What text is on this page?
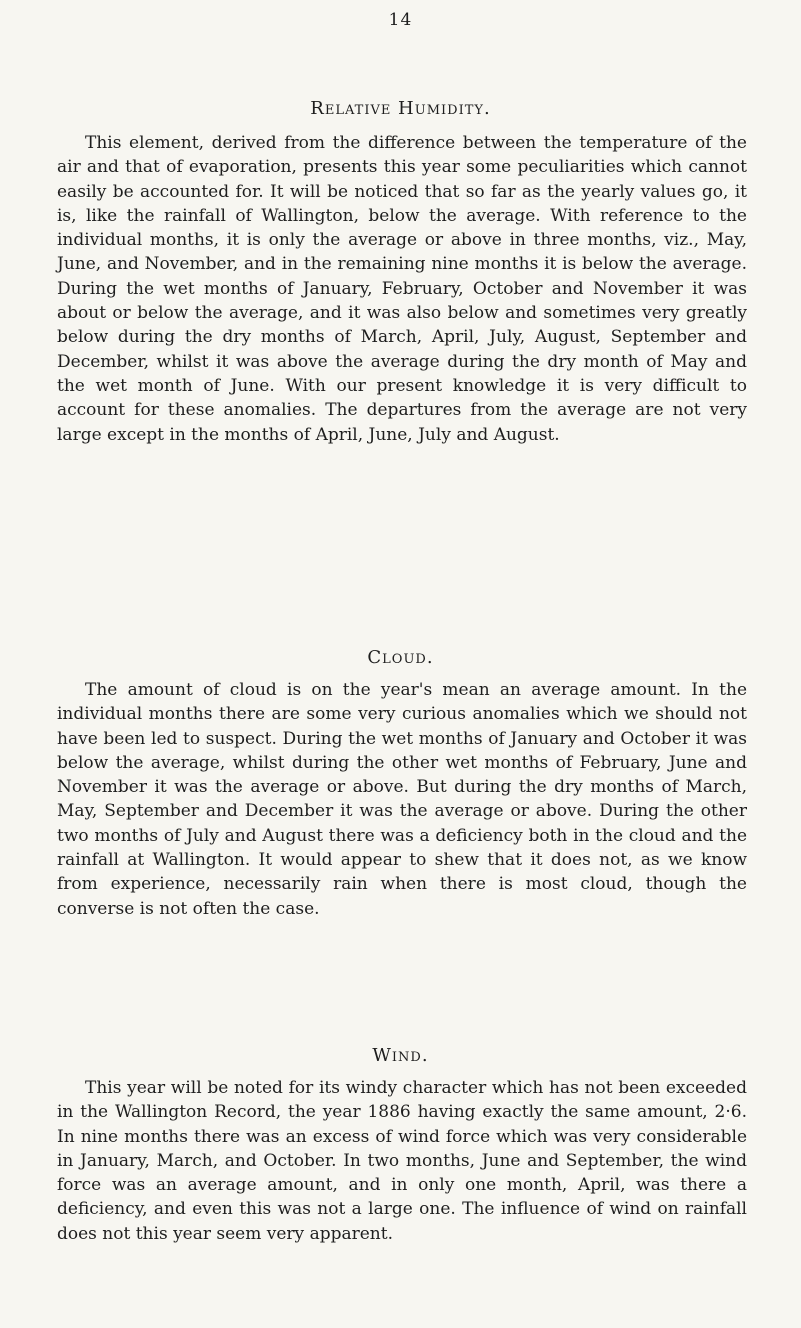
14
Relative Humidity.

This element, derived from the difference between the temperature of the air and that of evaporation, presents this year some peculiarities which cannot easily be accounted for. It will be noticed that so far as the yearly values go, it is, like the rainfall of Wallington, below the average. With reference to the individual months, it is only the average or above in three months, viz., May, June, and November, and in the remaining nine months it is below the average. During the wet months of January, February, October and November it was about or below the average, and it was also below and sometimes very greatly below during the dry months of March, April, July, August, September and December, whilst it was above the average during the dry month of May and the wet month of June. With our present knowledge it is very difficult to account for these anomalies. The departures from the average are not very large except in the months of April, June, July and August.

Cloud.

The amount of cloud is on the year's mean an average amount. In the individual months there are some very curious anomalies which we should not have been led to suspect. During the wet months of January and October it was below the average, whilst during the other wet months of February, June and November it was the average or above. But during the dry months of March, May, September and December it was the average or above. During the other two months of July and August there was a deficiency both in the cloud and the rainfall at Wallington. It would appear to shew that it does not, as we know from experience, necessarily rain when there is most cloud, though the converse is not often the case.

Wind.

This year will be noted for its windy character which has not been exceeded in the Wallington Record, the year 1886 having exactly the same amount, 2·6. In nine months there was an excess of wind force which was very considerable in January, March, and October. In two months, June and September, the wind force was an average amount, and in only one month, April, was there a deficiency, and even this was not a large one. The influence of wind on rainfall does not this year seem very apparent.
